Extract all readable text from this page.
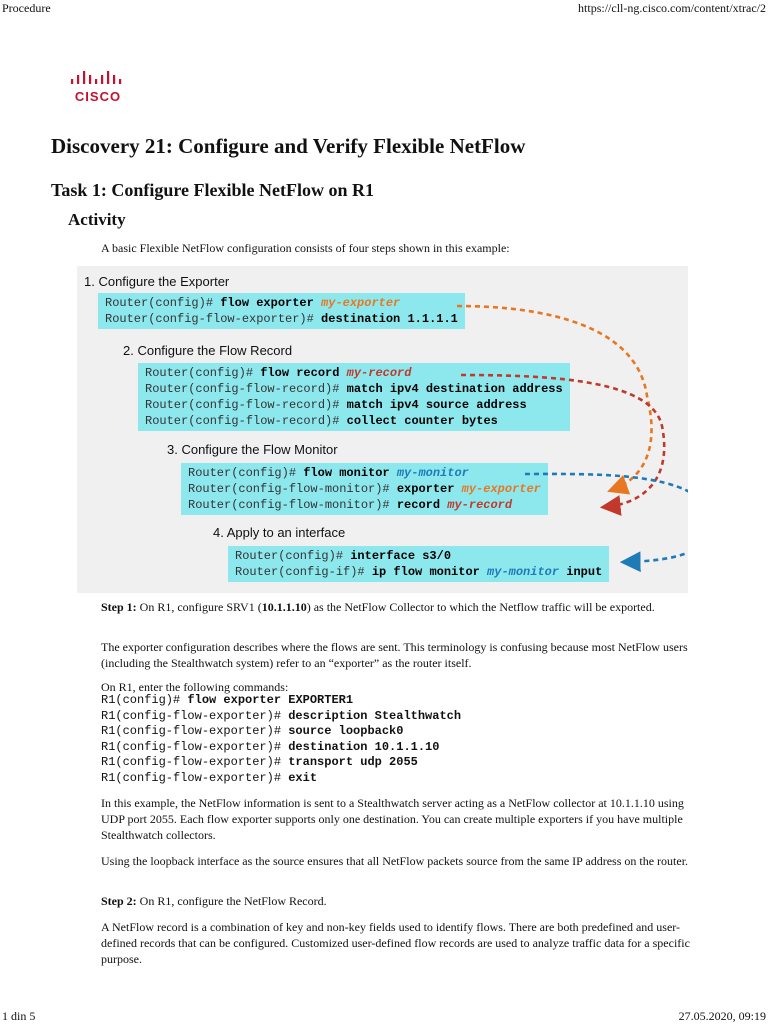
Procedure	https://cll-ng.cisco.com/content/xtrac/2
CISCO
Discovery 21: Configure and Verify Flexible NetFlow
Task 1: Configure Flexible NetFlow on R1
Activity

A basic Flexible NetFlow configuration consists of four steps shown in this example:

1. Configure the Exporter
Router(config)# flow exporter my-exporter
Router(config-flow-exporter)# destination 1.1.1.1
2. Configure the Flow Record
Router(config)# flow record my-record
Router(config-flow-record)# match ipv4 destination address
Router(config-flow-record)# match ipv4 source address
Router(config-flow-record)# collect counter bytes
3. Configure the Flow Monitor
Router(config)# flow monitor my-monitor
Router(config-flow-monitor)# exporter my-exporter
Router(config-flow-monitor)# record my-record
4. Apply to an interface
Router(config)# interface s3/0
Router(config-if)# ip flow monitor my-monitor input

Step 1: On R1, configure SRV1 (10.1.1.10) as the NetFlow Collector to which the Netflow traffic will be exported.

The exporter configuration describes where the flows are sent. This terminology is confusing because most NetFlow users (including the Stealthwatch system) refer to an “exporter” as the router itself.

On R1, enter the following commands:

R1(config)# flow exporter EXPORTER1
R1(config-flow-exporter)# description Stealthwatch
R1(config-flow-exporter)# source loopback0
R1(config-flow-exporter)# destination 10.1.1.10
R1(config-flow-exporter)# transport udp 2055
R1(config-flow-exporter)# exit

In this example, the NetFlow information is sent to a Stealthwatch server acting as a NetFlow collector at 10.1.1.10 using UDP port 2055. Each flow exporter supports only one destination. You can create multiple exporters if you have multiple Stealthwatch collectors.

Using the loopback interface as the source ensures that all NetFlow packets source from the same IP address on the router.

Step 2: On R1, configure the NetFlow Record.

A NetFlow record is a combination of key and non-key fields used to identify flows. There are both predefined and user-defined records that can be configured. Customized user-defined flow records are used to analyze traffic data for a specific purpose.

1 din 5	27.05.2020, 09:19
